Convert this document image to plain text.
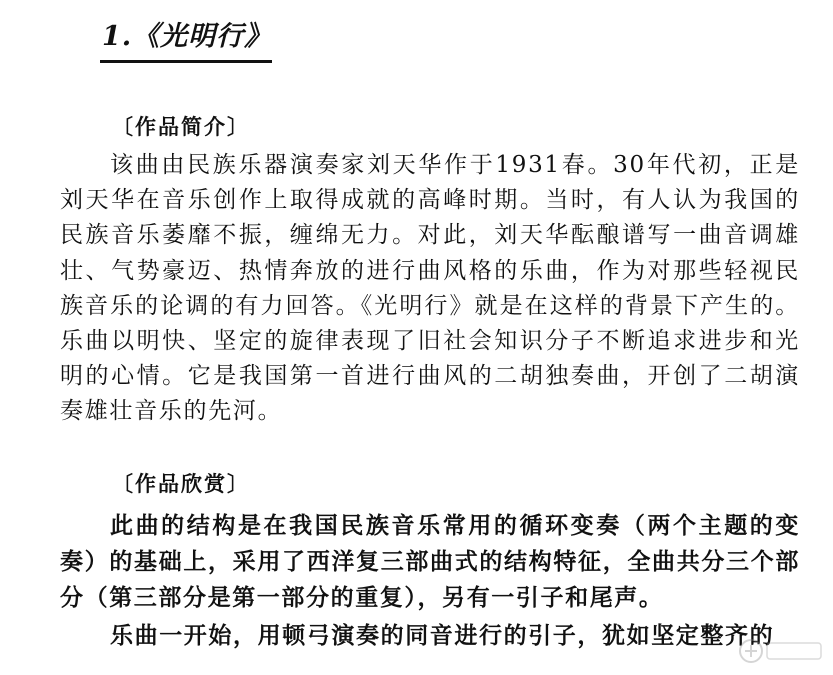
1.《光明行》
〔作品简介〕

该曲由民族乐器演奏家刘天华作于1931春。30年代初，正是刘天华在音乐创作上取得成就的高峰时期。当时，有人认为我国的民族音乐萎靡不振，缠绵无力。对此，刘天华酝酿谱写一曲音调雄壮、气势豪迈、热情奔放的进行曲风格的乐曲，作为对那些轻视民族音乐的论调的有力回答。《光明行》就是在这样的背景下产生的。乐曲以明快、坚定的旋律表现了旧社会知识分子不断追求进步和光明的心情。它是我国第一首进行曲风的二胡独奏曲，开创了二胡演奏雄壮音乐的先河。

〔作品欣赏〕

此曲的结构是在我国民族音乐常用的循环变奏（两个主题的变奏）的基础上，采用了西洋复三部曲式的结构特征，全曲共分三个部分（第三部分是第一部分的重复），另有一引子和尾声。

乐曲一开始，用顿弓演奏的同音进行的引子，犹如坚定整齐的
